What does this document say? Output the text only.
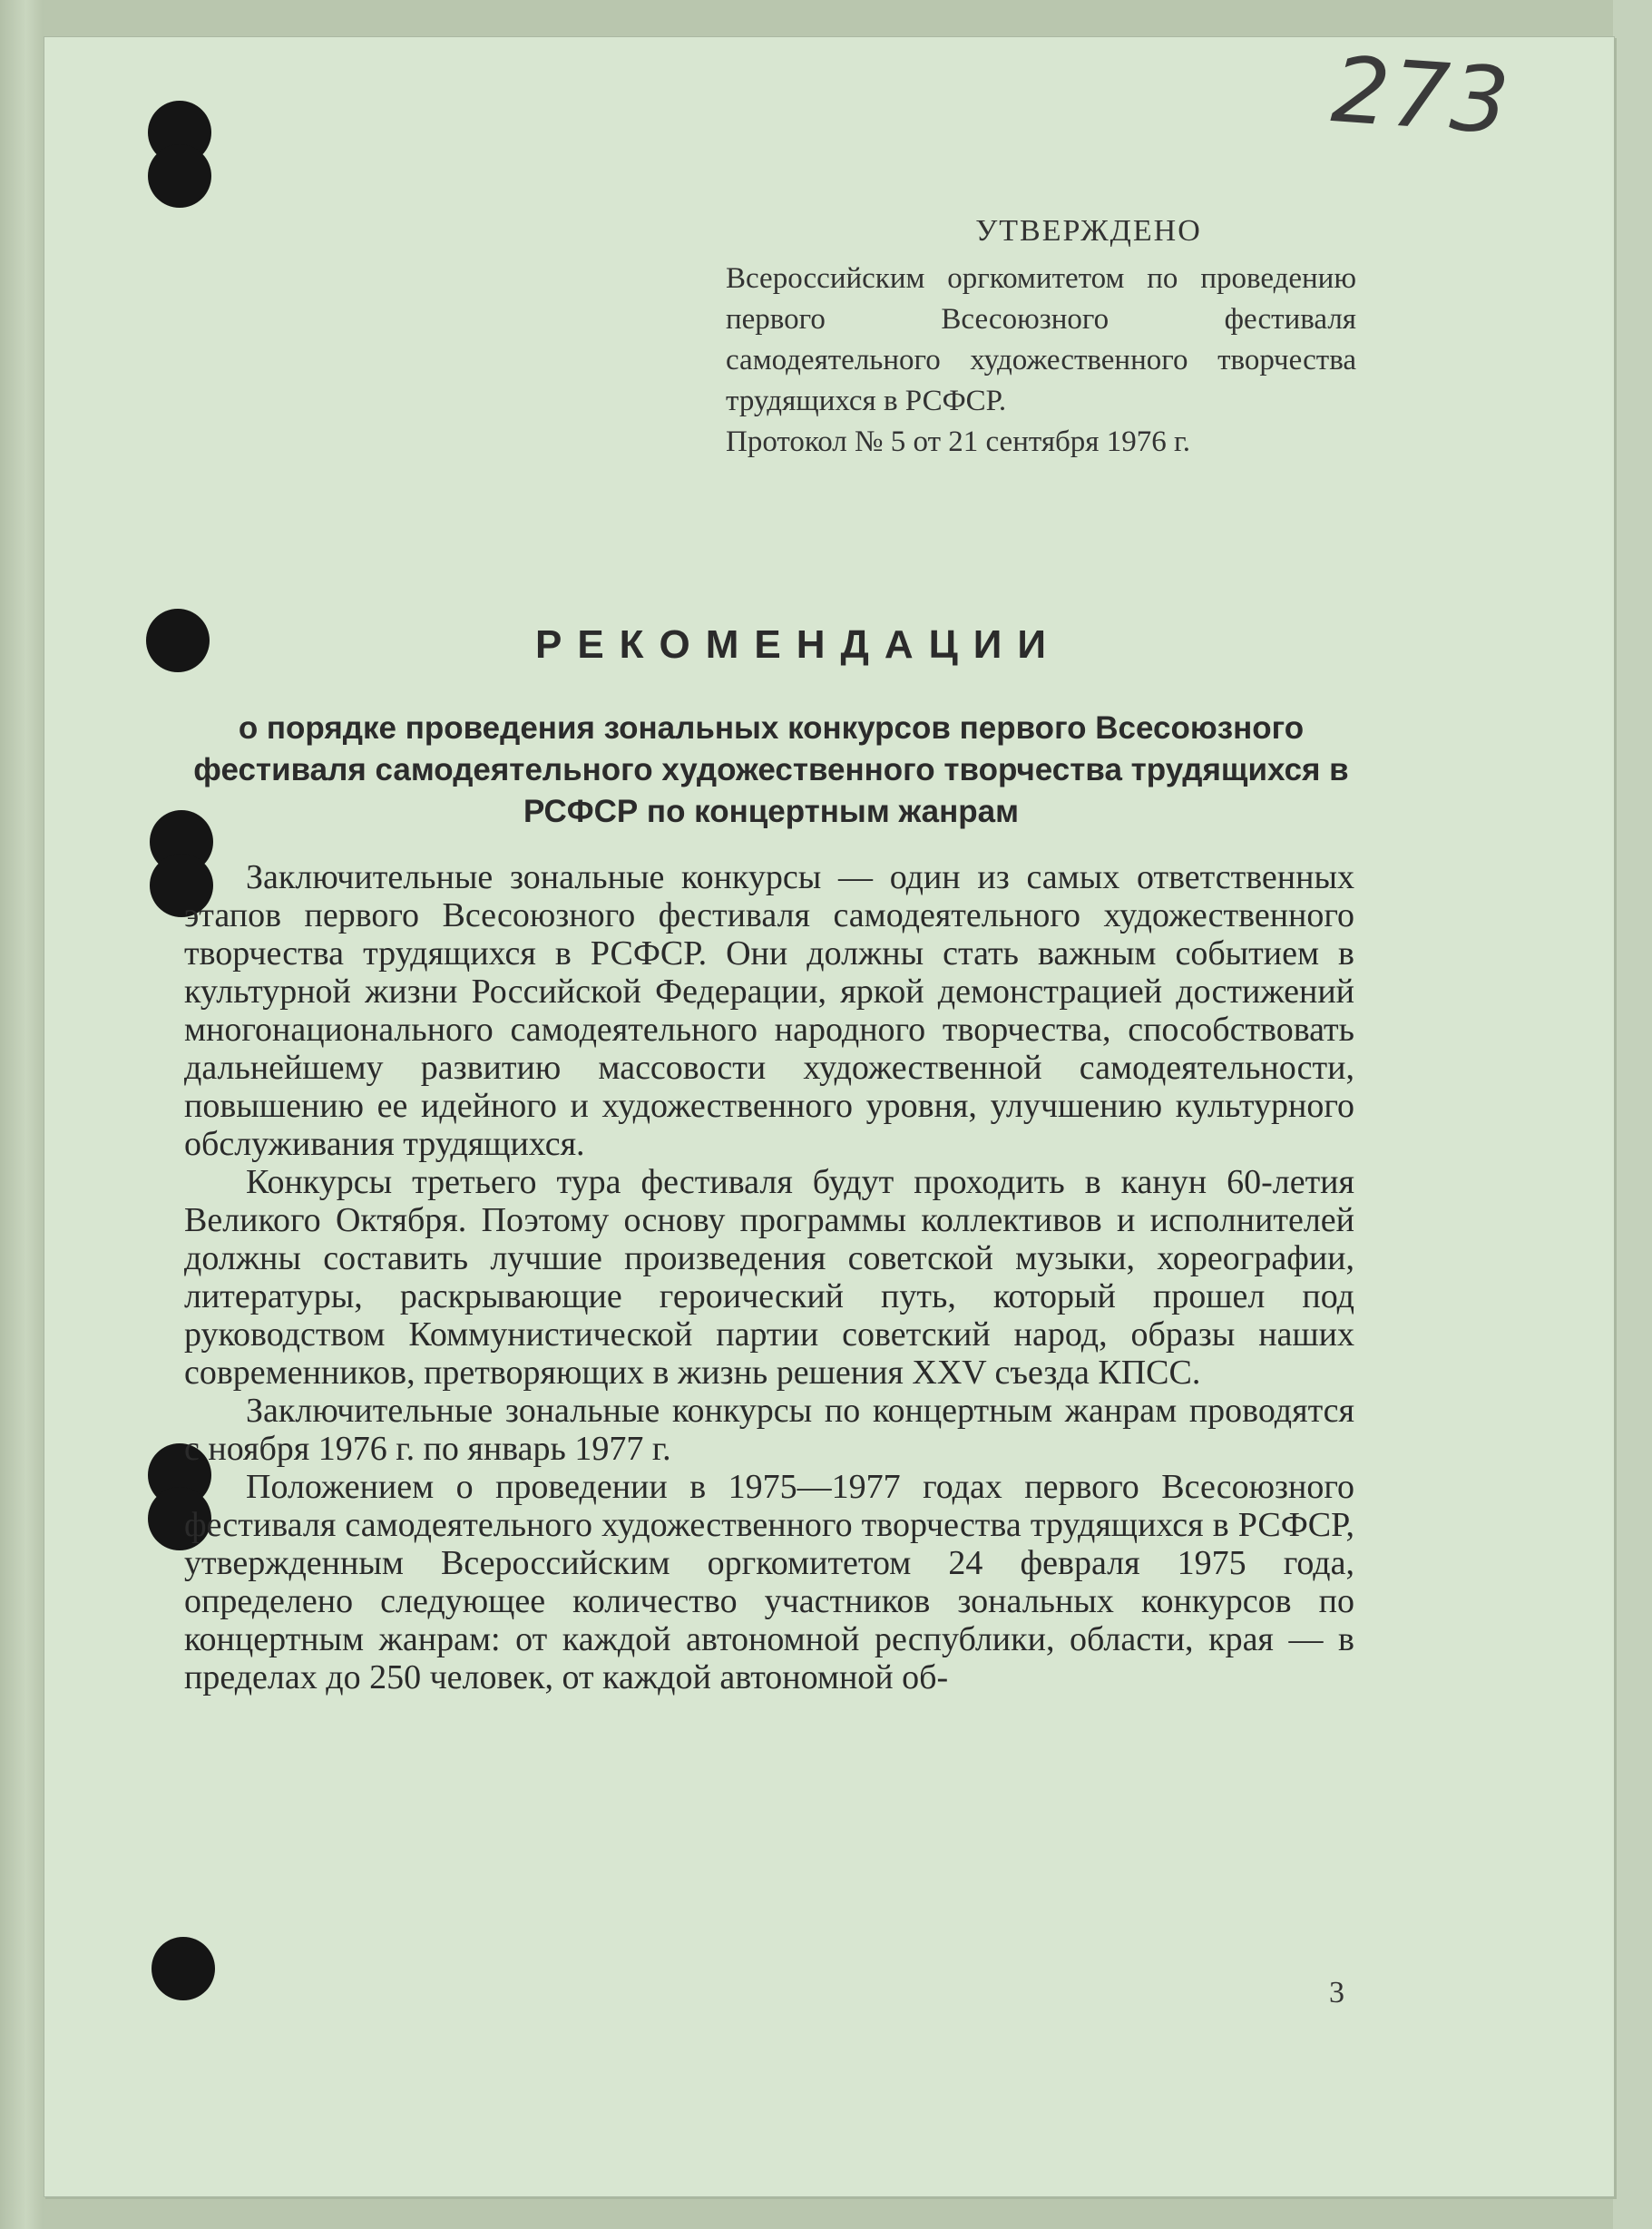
273
УТВЕРЖДЕНО
Всероссийским оргкомитетом по проведению первого Всесоюзного фестиваля самодеятельного художественного творчества трудящихся в РСФСР.
Протокол № 5 от 21 сентября 1976 г.
РЕКОМЕНДАЦИИ
о порядке проведения зональных конкурсов первого Всесоюзного фестиваля самодеятельного художественного творчества трудящихся в РСФСР по концертным жанрам

Заключительные зональные конкурсы — один из самых ответственных этапов первого Всесоюзного фестиваля самодеятельного художественного творчества трудящихся в РСФСР. Они должны стать важным событием в культурной жизни Российской Федерации, яркой демонстрацией достижений многонационального самодеятельного народного творчества, способствовать дальнейшему развитию массовости художественной самодеятельности, повышению ее идейного и художественного уровня, улучшению культурного обслуживания трудящихся.

Конкурсы третьего тура фестиваля будут проходить в канун 60-летия Великого Октября. Поэтому основу программы коллективов и исполнителей должны составить лучшие произведения советской музыки, хореографии, литературы, раскрывающие героический путь, который прошел под руководством Коммунистической партии советский народ, образы наших современников, претворяющих в жизнь решения XXV съезда КПСС.

Заключительные зональные конкурсы по концертным жанрам проводятся с ноября 1976 г. по январь 1977 г.

Положением о проведении в 1975—1977 годах первого Всесоюзного фестиваля самодеятельного художественного творчества трудящихся в РСФСР, утвержденным Всероссийским оргкомитетом 24 февраля 1975 года, определено следующее количество участников зональных конкурсов по концертным жанрам: от каждой автономной республики, области, края — в пределах до 250 человек, от каждой автономной об-

3
